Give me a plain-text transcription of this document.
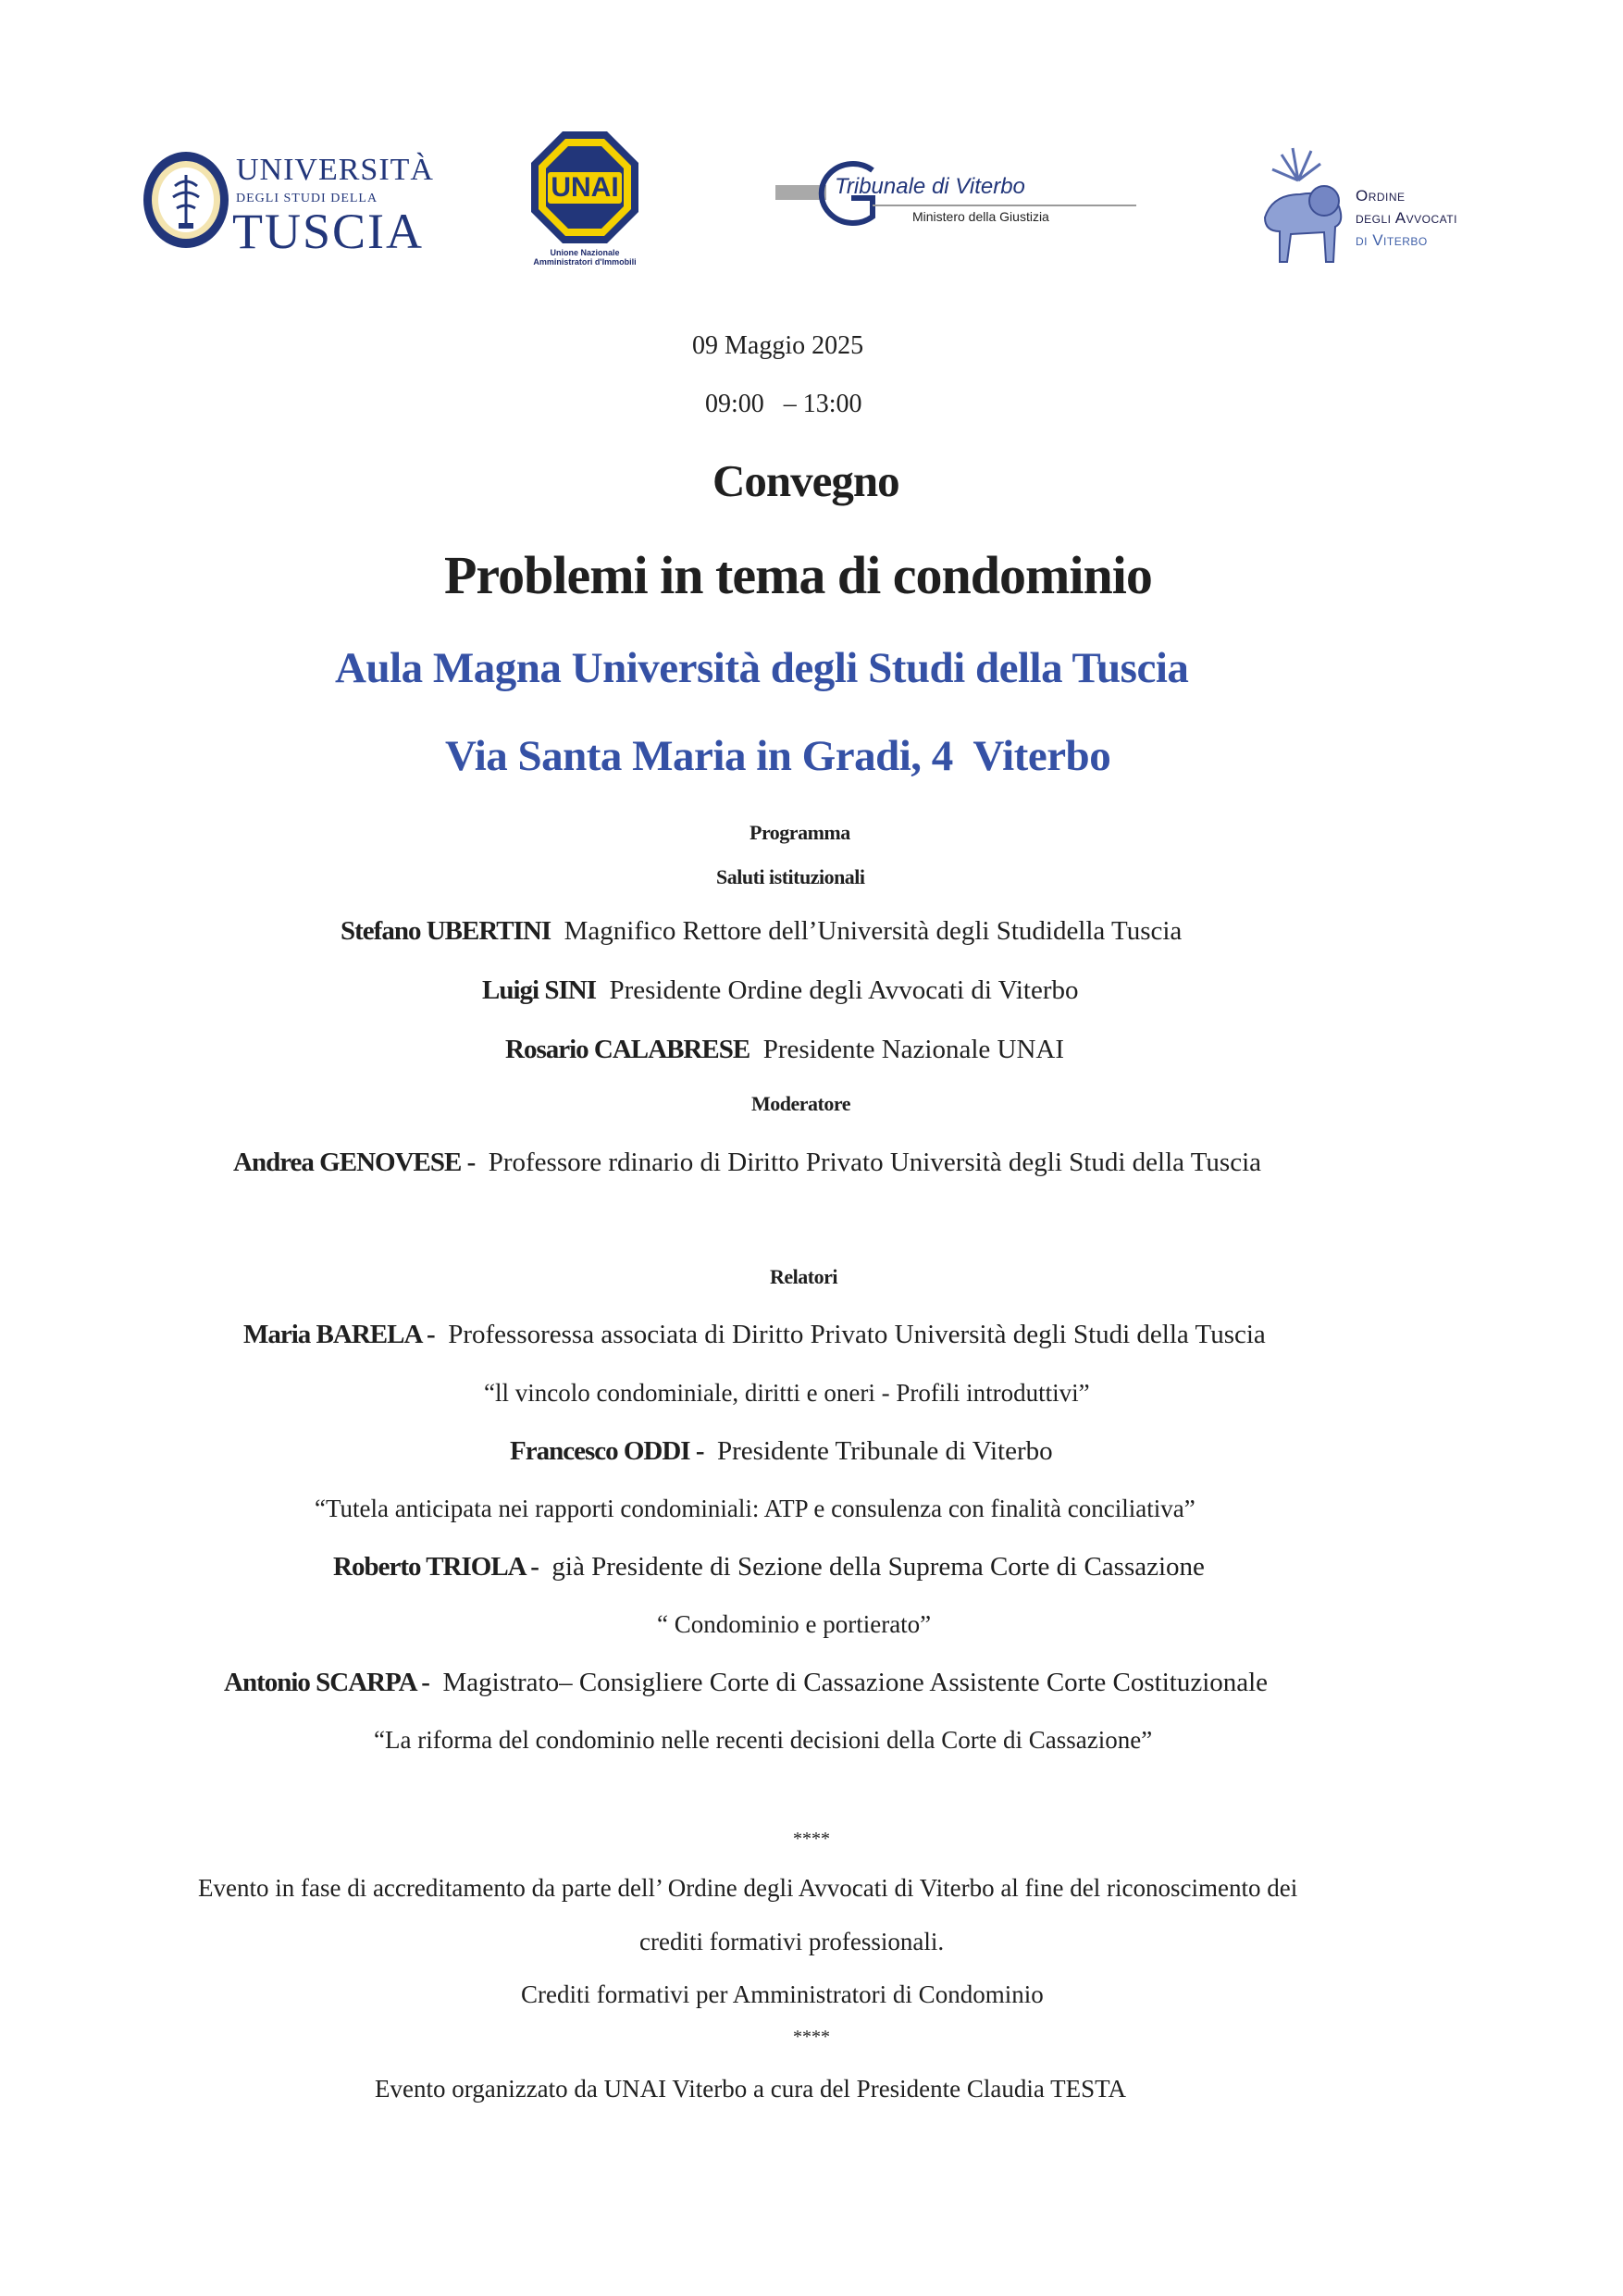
UNIVERSITÀ
DEGLI STUDI DELLA
TUSCIA
UNAI
Unione Nazionale
Amministratori d'Immobili
Tribunale di Viterbo
Ministero della Giustizia
Ordine
degli Avvocati
di Viterbo
09 Maggio 2025
09:00   – 13:00
Convegno
Problemi in tema di condominio
Aula Magna Università degli Studi della Tuscia
Via Santa Maria in Gradi, 4  Viterbo
Programma
Saluti istituzionali
Stefano UBERTINI Magnifico Rettore dell’Università degli Studidella Tuscia
Luigi SINI Presidente Ordine degli Avvocati di Viterbo
Rosario CALABRESE Presidente Nazionale UNAI
Moderatore
Andrea GENOVESE - Professore rdinario di Diritto Privato Università degli Studi della Tuscia
Relatori
Maria BARELA - Professoressa associata di Diritto Privato Università degli Studi della Tuscia
“ll vincolo condominiale, diritti e oneri - Profili introduttivi”
Francesco ODDI - Presidente Tribunale di Viterbo
“Tutela anticipata nei rapporti condominiali: ATP e consulenza con finalità conciliativa”
Roberto TRIOLA - già Presidente di Sezione della Suprema Corte di Cassazione
“ Condominio e portierato”
Antonio SCARPA - Magistrato– Consigliere Corte di Cassazione Assistente Corte Costituzionale
“La riforma del condominio nelle recenti decisioni della Corte di Cassazione”
****
Evento in fase di accreditamento da parte dell’ Ordine degli Avvocati di Viterbo al fine del riconoscimento dei
crediti formativi professionali.
Crediti formativi per Amministratori di Condominio
****
Evento organizzato da UNAI Viterbo a cura del Presidente Claudia TESTA
